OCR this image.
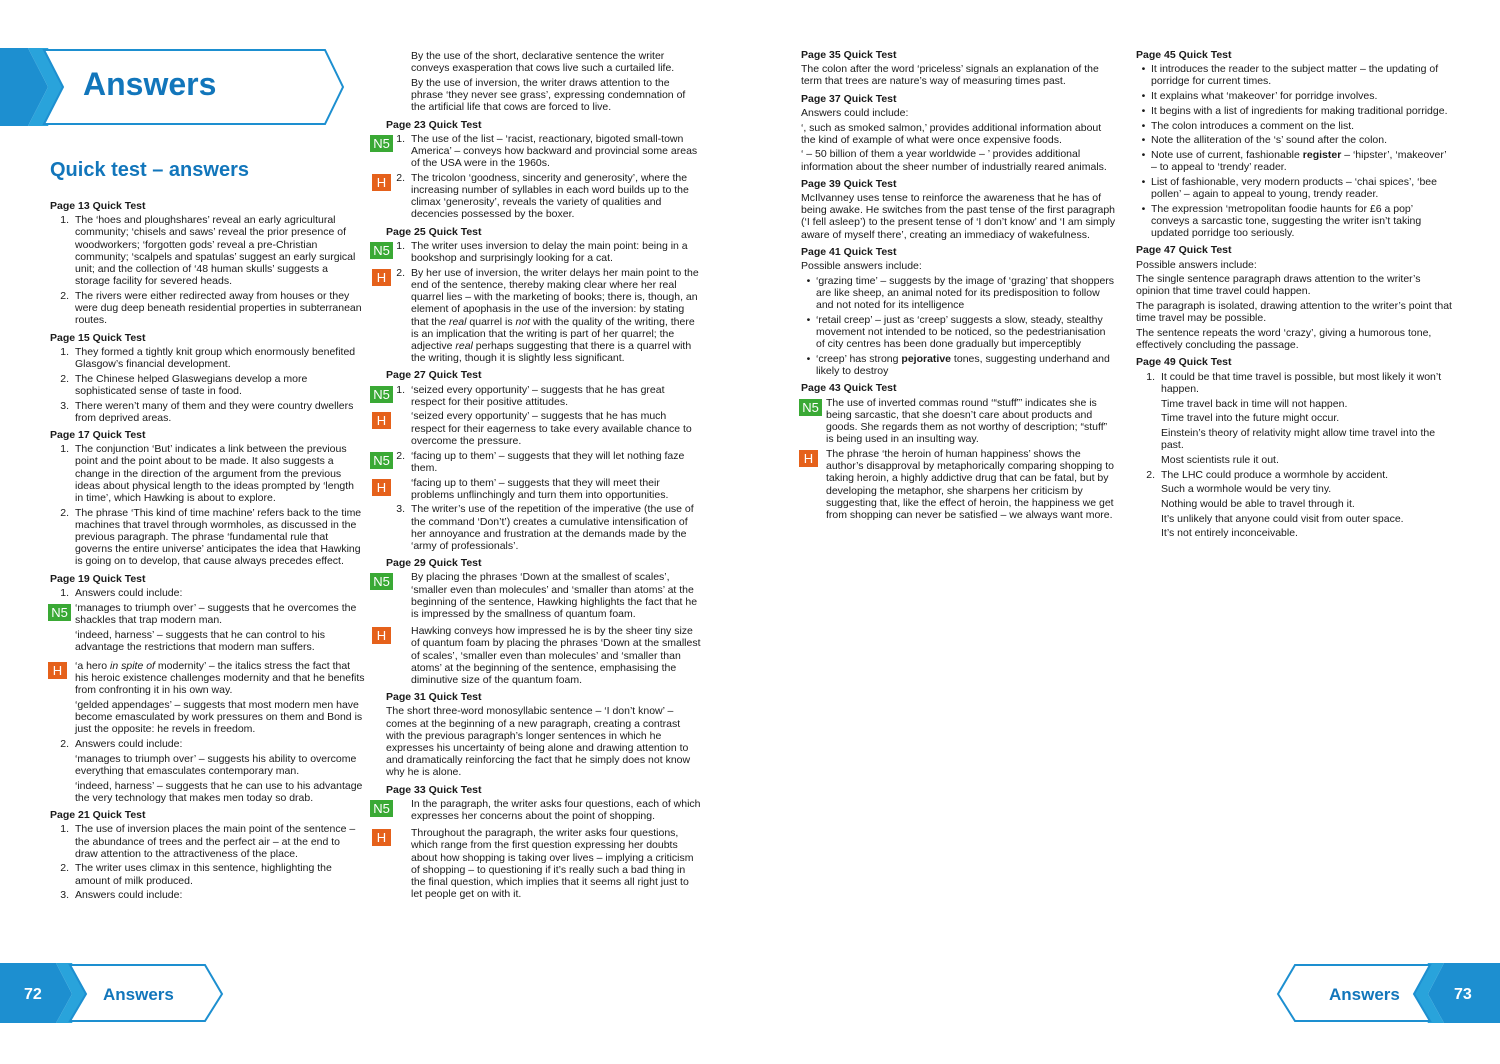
Answers
Quick test – answers
Page 13 Quick Test
1. The ‘hoes and ploughshares’ reveal an early agricultural community; ‘chisels and saws’ reveal the prior presence of woodworkers; ‘forgotten gods’ reveal a pre-Christian community; ‘scalpels and spatulas’ suggest an early surgical unit; and the collection of ‘48 human skulls’ suggests a storage facility for severed heads.
2. The rivers were either redirected away from houses or they were dug deep beneath residential properties in subterranean routes.
Page 15 Quick Test
1. They formed a tightly knit group which enormously benefited Glasgow’s financial development.
2. The Chinese helped Glaswegians develop a more sophisticated sense of taste in food.
3. There weren’t many of them and they were country dwellers from deprived areas.
Page 17 Quick Test
1. The conjunction ‘But’ indicates a link between the previous point and the point about to be made. It also suggests a change in the direction of the argument from the previous ideas about physical length to the ideas prompted by ‘length in time’, which Hawking is about to explore.
2. The phrase ‘This kind of time machine’ refers back to the time machines that travel through wormholes, as discussed in the previous paragraph. The phrase ‘fundamental rule that governs the entire universe’ anticipates the idea that Hawking is going on to develop, that cause always precedes effect.
Page 19 Quick Test
1. Answers could include:
N5 ‘manages to triumph over’ – suggests that he overcomes the shackles that trap modern man.
‘indeed, harness’ – suggests that he can control to his advantage the restrictions that modern man suffers.
H	‘a hero in spite of modernity’ – the italics stress the fact that his heroic existence challenges modernity and that he benefits from confronting it in his own way.
‘gelded appendages’ – suggests that most modern men have become emasculated by work pressures on them and Bond is just the opposite: he revels in freedom.
2. Answers could include:
‘manages to triumph over’ – suggests his ability to overcome everything that emasculates contemporary man.
‘indeed, harness’ – suggests that he can use to his advantage the very technology that makes men today so drab.
Page 21 Quick Test
1. The use of inversion places the main point of the sentence – the abundance of trees and the perfect air – at the end to draw attention to the attractiveness of the place.
2. The writer uses climax in this sentence, highlighting the amount of milk produced.
3. Answers could include:
By the use of the short, declarative sentence the writer conveys exasperation that cows live such a curtailed life.
By the use of inversion, the writer draws attention to the phrase ‘they never see grass’, expressing condemnation of the artificial life that cows are forced to live.
Page 23 Quick Test
N5 1. The use of the list – ‘racist, reactionary, bigoted small-town America’ – conveys how backward and provincial some areas of the USA were in the 1960s.
H 2. The tricolon ‘goodness, sincerity and generosity’, where the increasing number of syllables in each word builds up to the climax ‘generosity’, reveals the variety of qualities and decencies possessed by the boxer.
Page 25 Quick Test
N5 1. The writer uses inversion to delay the main point: being in a bookshop and surprisingly looking for a cat.
H 2. By her use of inversion, the writer delays her main point to the end of the sentence, thereby making clear where her real quarrel lies – with the marketing of books; there is, though, an element of apophasis in the use of the inversion: by stating that the real quarrel is not with the quality of the writing, there is an implication that the writing is part of her quarrel; the adjective real perhaps suggesting that there is a quarrel with the writing, though it is slightly less significant.
Page 27 Quick Test
N5 1. ‘seized every opportunity’ – suggests that he has great respect for their positive attitudes.
H	‘seized every opportunity’ – suggests that he has much respect for their eagerness to take every available chance to overcome the pressure.
N5 2. ‘facing up to them’ – suggests that they will let nothing faze them.
H	‘facing up to them’ – suggests that they will meet their problems unflinchingly and turn them into opportunities.
3. The writer’s use of the repetition of the imperative (the use of the command ‘Don’t’) creates a cumulative intensification of her annoyance and frustration at the demands made by the ‘army of professionals’.
Page 29 Quick Test
N5	By placing the phrases ‘Down at the smallest of scales’, ‘smaller even than molecules’ and ‘smaller than atoms’ at the beginning of the sentence, Hawking highlights the fact that he is impressed by the smallness of quantum foam.
H	Hawking conveys how impressed he is by the sheer tiny size of quantum foam by placing the phrases ‘Down at the smallest of scales’, ‘smaller even than molecules’ and ‘smaller than atoms’ at the beginning of the sentence, emphasising the diminutive size of the quantum foam.
Page 31 Quick Test
The short three-word monosyllabic sentence – ‘I don’t know’ – comes at the beginning of a new paragraph, creating a contrast with the previous paragraph’s longer sentences in which he expresses his uncertainty of being alone and drawing attention to and dramatically reinforcing the fact that he simply does not know why he is alone.
Page 33 Quick Test
N5	In the paragraph, the writer asks four questions, each of which expresses her concerns about the point of shopping.
H	Throughout the paragraph, the writer asks four questions, which range from the first question expressing her doubts about how shopping is taking over lives – implying a criticism of shopping – to questioning if it’s really such a bad thing in the final question, which implies that it seems all right just to let people get on with it.
Page 35 Quick Test
The colon after the word ‘priceless’ signals an explanation of the term that trees are nature’s way of measuring times past.
Page 37 Quick Test
Answers could include:
‘, such as smoked salmon,’ provides additional information about the kind of example of what were once expensive foods.
‘ – 50 billion of them a year worldwide – ’ provides additional information about the sheer number of industrially reared animals.
Page 39 Quick Test
McIlvanney uses tense to reinforce the awareness that he has of being awake. He switches from the past tense of the first paragraph (‘I fell asleep’) to the present tense of ‘I don’t know’ and ‘I am simply aware of myself there’, creating an immediacy of wakefulness.
Page 41 Quick Test
Possible answers include:
• ‘grazing time’ – suggests by the image of ‘grazing’ that shoppers are like sheep, an animal noted for its predisposition to follow and not noted for its intelligence
• ‘retail creep’ – just as ‘creep’ suggests a slow, steady, stealthy movement not intended to be noticed, so the pedestrianisation of city centres has been done gradually but imperceptibly
• ‘creep’ has strong pejorative tones, suggesting underhand and likely to destroy
Page 43 Quick Test
N5 The use of inverted commas round ‘“stuff”’ indicates she is being sarcastic, that she doesn’t care about products and goods. She regards them as not worthy of description; “stuff” is being used in an insulting way.
H	The phrase ‘the heroin of human happiness’ shows the author’s disapproval by metaphorically comparing shopping to taking heroin, a highly addictive drug that can be fatal, but by developing the metaphor, she sharpens her criticism by suggesting that, like the effect of heroin, the happiness we get from shopping can never be satisfied – we always want more.
Page 45 Quick Test
• It introduces the reader to the subject matter – the updating of porridge for current times.
• It explains what ‘makeover’ for porridge involves.
• It begins with a list of ingredients for making traditional porridge.
• The colon introduces a comment on the list.
• Note the alliteration of the ‘s’ sound after the colon.
• Note use of current, fashionable register – ‘hipster’, ‘makeover’ – to appeal to ‘trendy’ reader.
• List of fashionable, very modern products – ‘chai spices’, ‘bee pollen’ – again to appeal to young, trendy reader.
• The expression ‘metropolitan foodie haunts for £6 a pop’ conveys a sarcastic tone, suggesting the writer isn’t taking updated porridge too seriously.
Page 47 Quick Test
Possible answers include:
The single sentence paragraph draws attention to the writer’s opinion that time travel could happen.
The paragraph is isolated, drawing attention to the writer’s point that time travel may be possible.
The sentence repeats the word ‘crazy’, giving a humorous tone, effectively concluding the passage.
Page 49 Quick Test
1. It could be that time travel is possible, but most likely it won’t happen.
Time travel back in time will not happen.
Time travel into the future might occur.
Einstein’s theory of relativity might allow time travel into the past.
Most scientists rule it out.
2. The LHC could produce a wormhole by accident.
Such a wormhole would be very tiny.
Nothing would be able to travel through it.
It’s unlikely that anyone could visit from outer space.
It’s not entirely inconceivable.
72	Answers	Answers	73
